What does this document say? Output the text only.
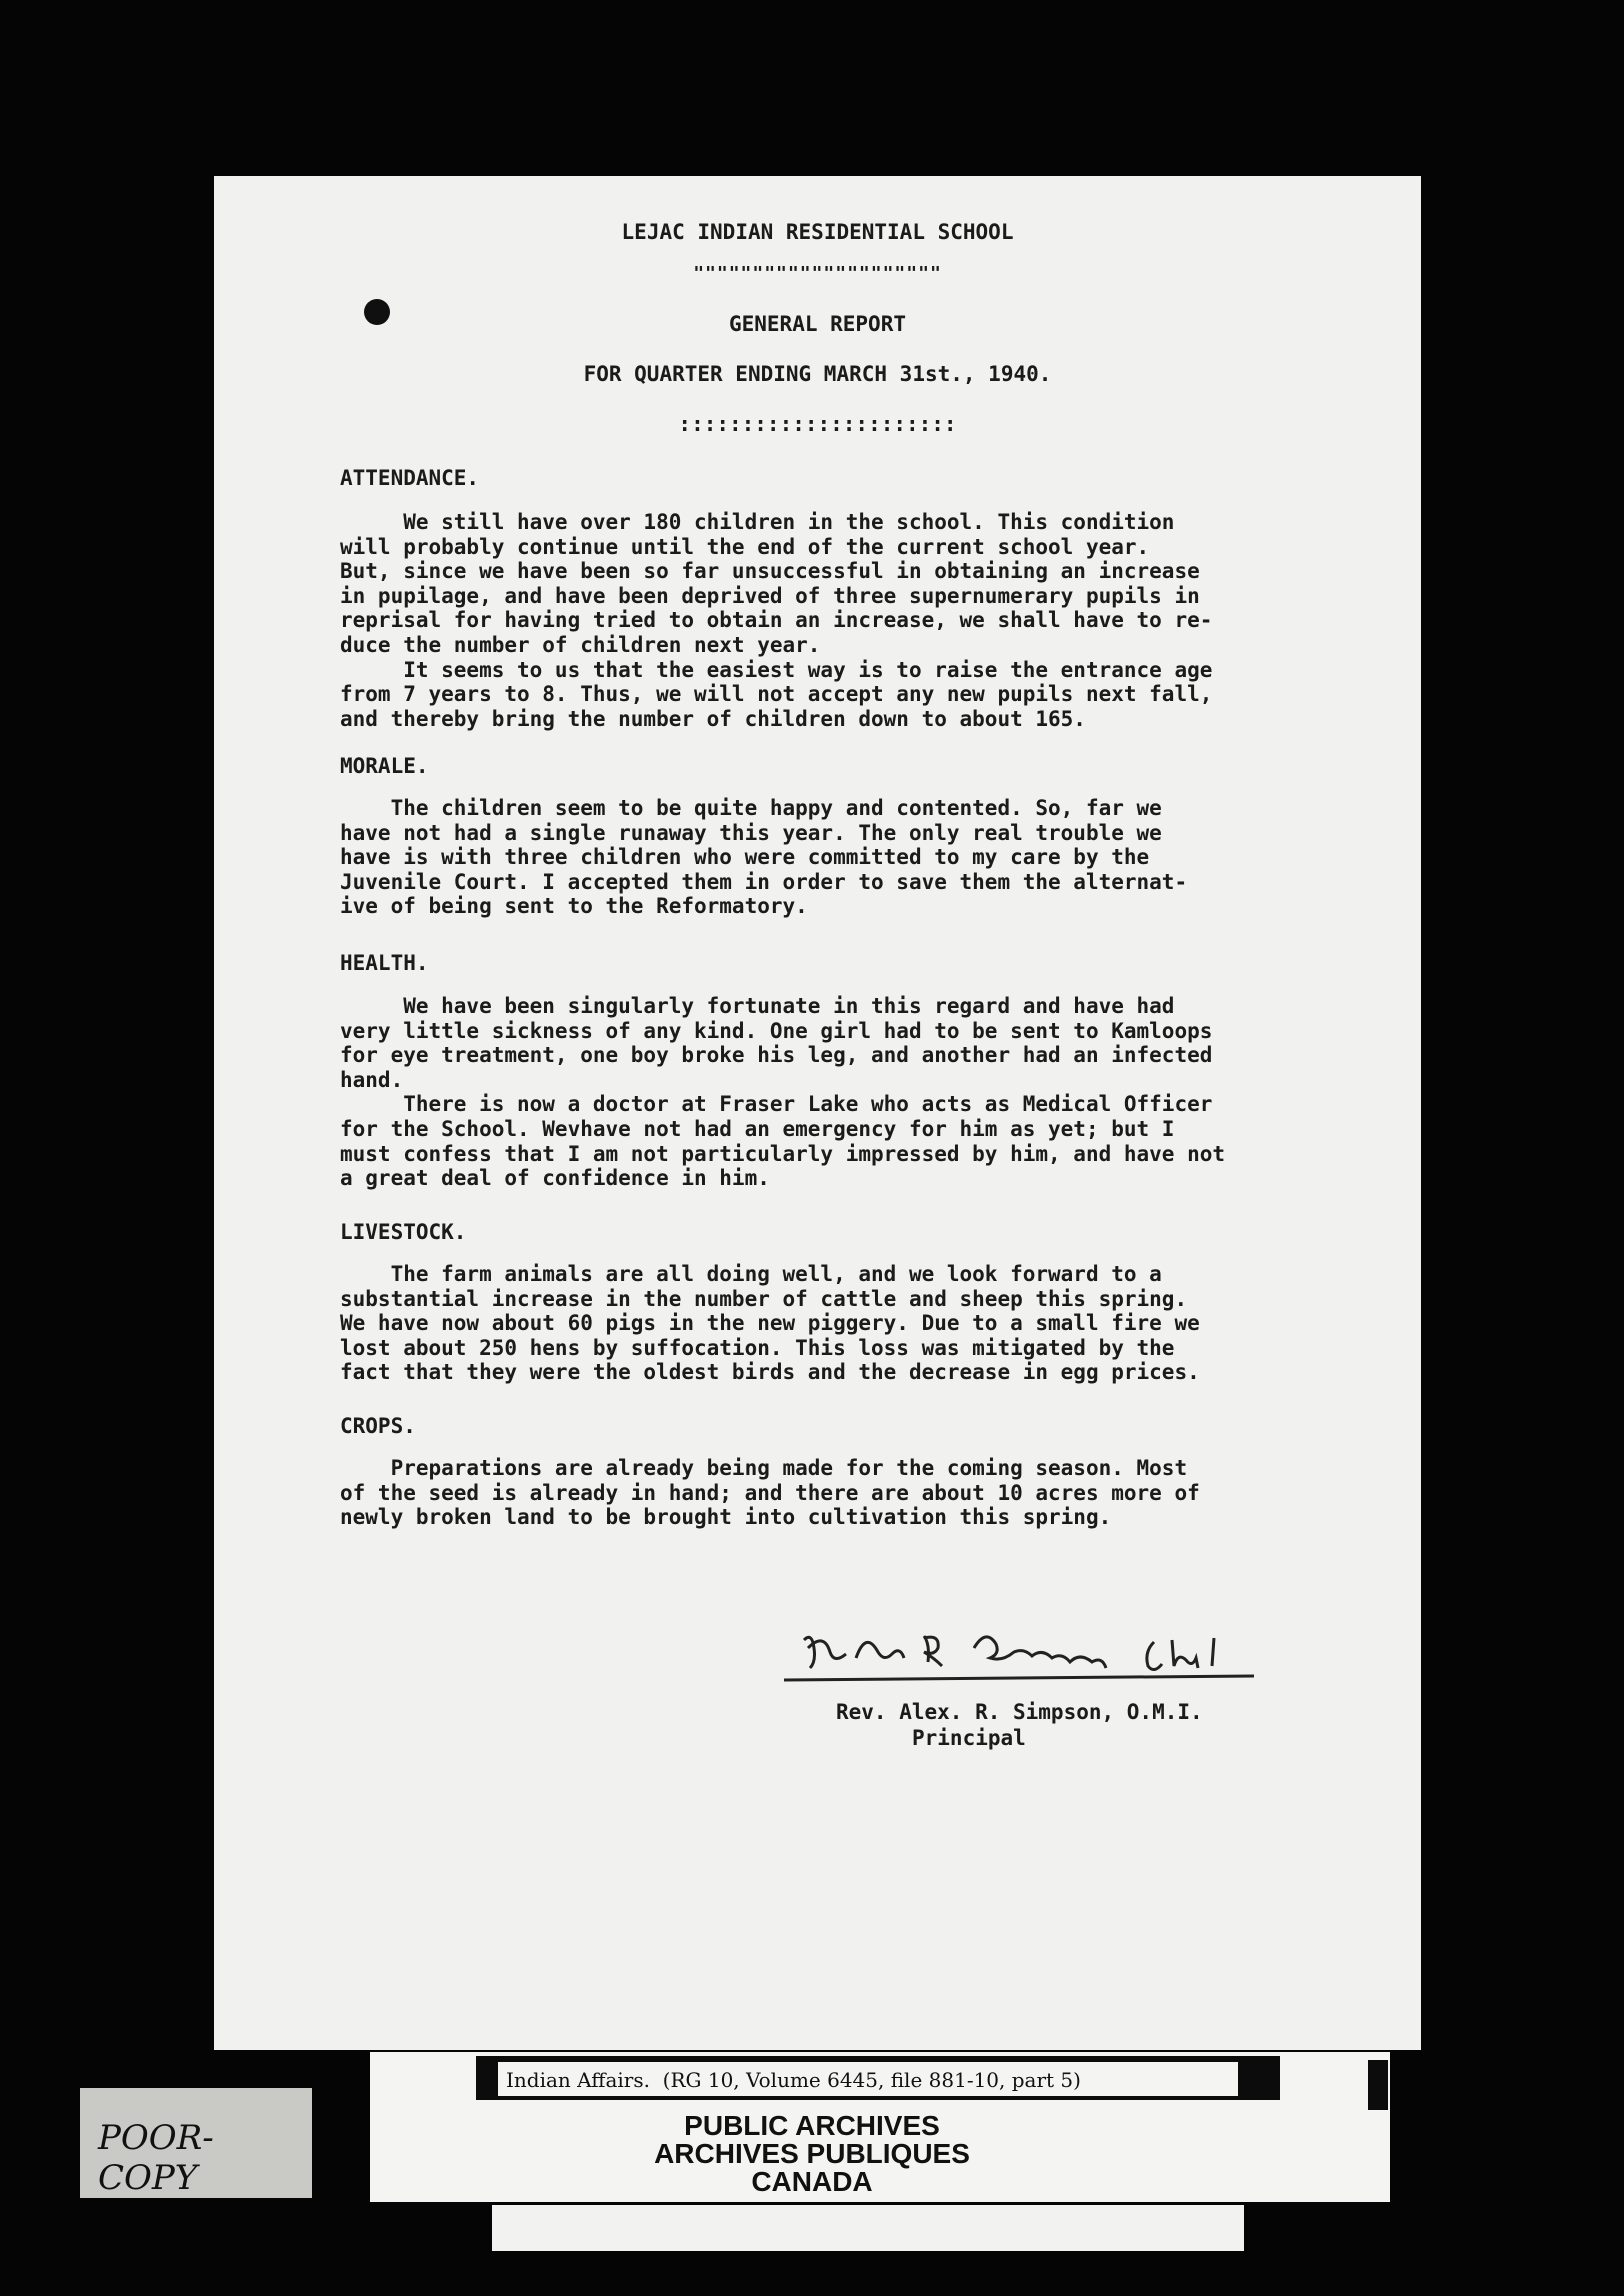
LEJAC INDIAN RESIDENTIAL SCHOOL
"""""""""""""""""""""
GENERAL REPORT
FOR QUARTER ENDING MARCH 31st., 1940.
::::::::::::::::::::::
ATTENDANCE.
We still have over 180 children in the school. This condition
will probably continue until the end of the current school year.
But, since we have been so far unsuccessful in obtaining an increase
in pupilage, and have been deprived of three supernumerary pupils in
reprisal for having tried to obtain an increase, we shall have to re-
duce the number of children next year.
It seems to us that the easiest way is to raise the entrance age
from 7 years to 8. Thus, we will not accept any new pupils next fall,
and thereby bring the number of children down to about 165.
MORALE.
The children seem to be quite happy and contented. So, far we
have not had a single runaway this year. The only real trouble we
have is with three children who were committed to my care by the
Juvenile Court. I accepted them in order to save them the alternat-
ive of being sent to the Reformatory.
HEALTH.
We have been singularly fortunate in this regard and have had
very little sickness of any kind. One girl had to be sent to Kamloops
for eye treatment, one boy broke his leg, and another had an infected
hand.
There is now a doctor at Fraser Lake who acts as Medical Officer
for the School. Wevhave not had an emergency for him as yet; but I
must confess that I am not particularly impressed by him, and have not
a great deal of confidence in him.
LIVESTOCK.
The farm animals are all doing well, and we look forward to a
substantial increase in the number of cattle and sheep this spring.
We have now about 60 pigs in the new piggery. Due to a small fire we
lost about 250 hens by suffocation. This loss was mitigated by the
fact that they were the oldest birds and the decrease in egg prices.
CROPS.
Preparations are already being made for the coming season. Most
of the seed is already in hand; and there are about 10 acres more of
newly broken land to be brought into cultivation this spring.
Rev. Alex. R. Simpson, O.M.I.
Principal
Indian Affairs.  (RG 10, Volume 6445, file 881-10, part 5)
PUBLIC ARCHIVES
ARCHIVES PUBLIQUES
CANADA
POOR-COPY
